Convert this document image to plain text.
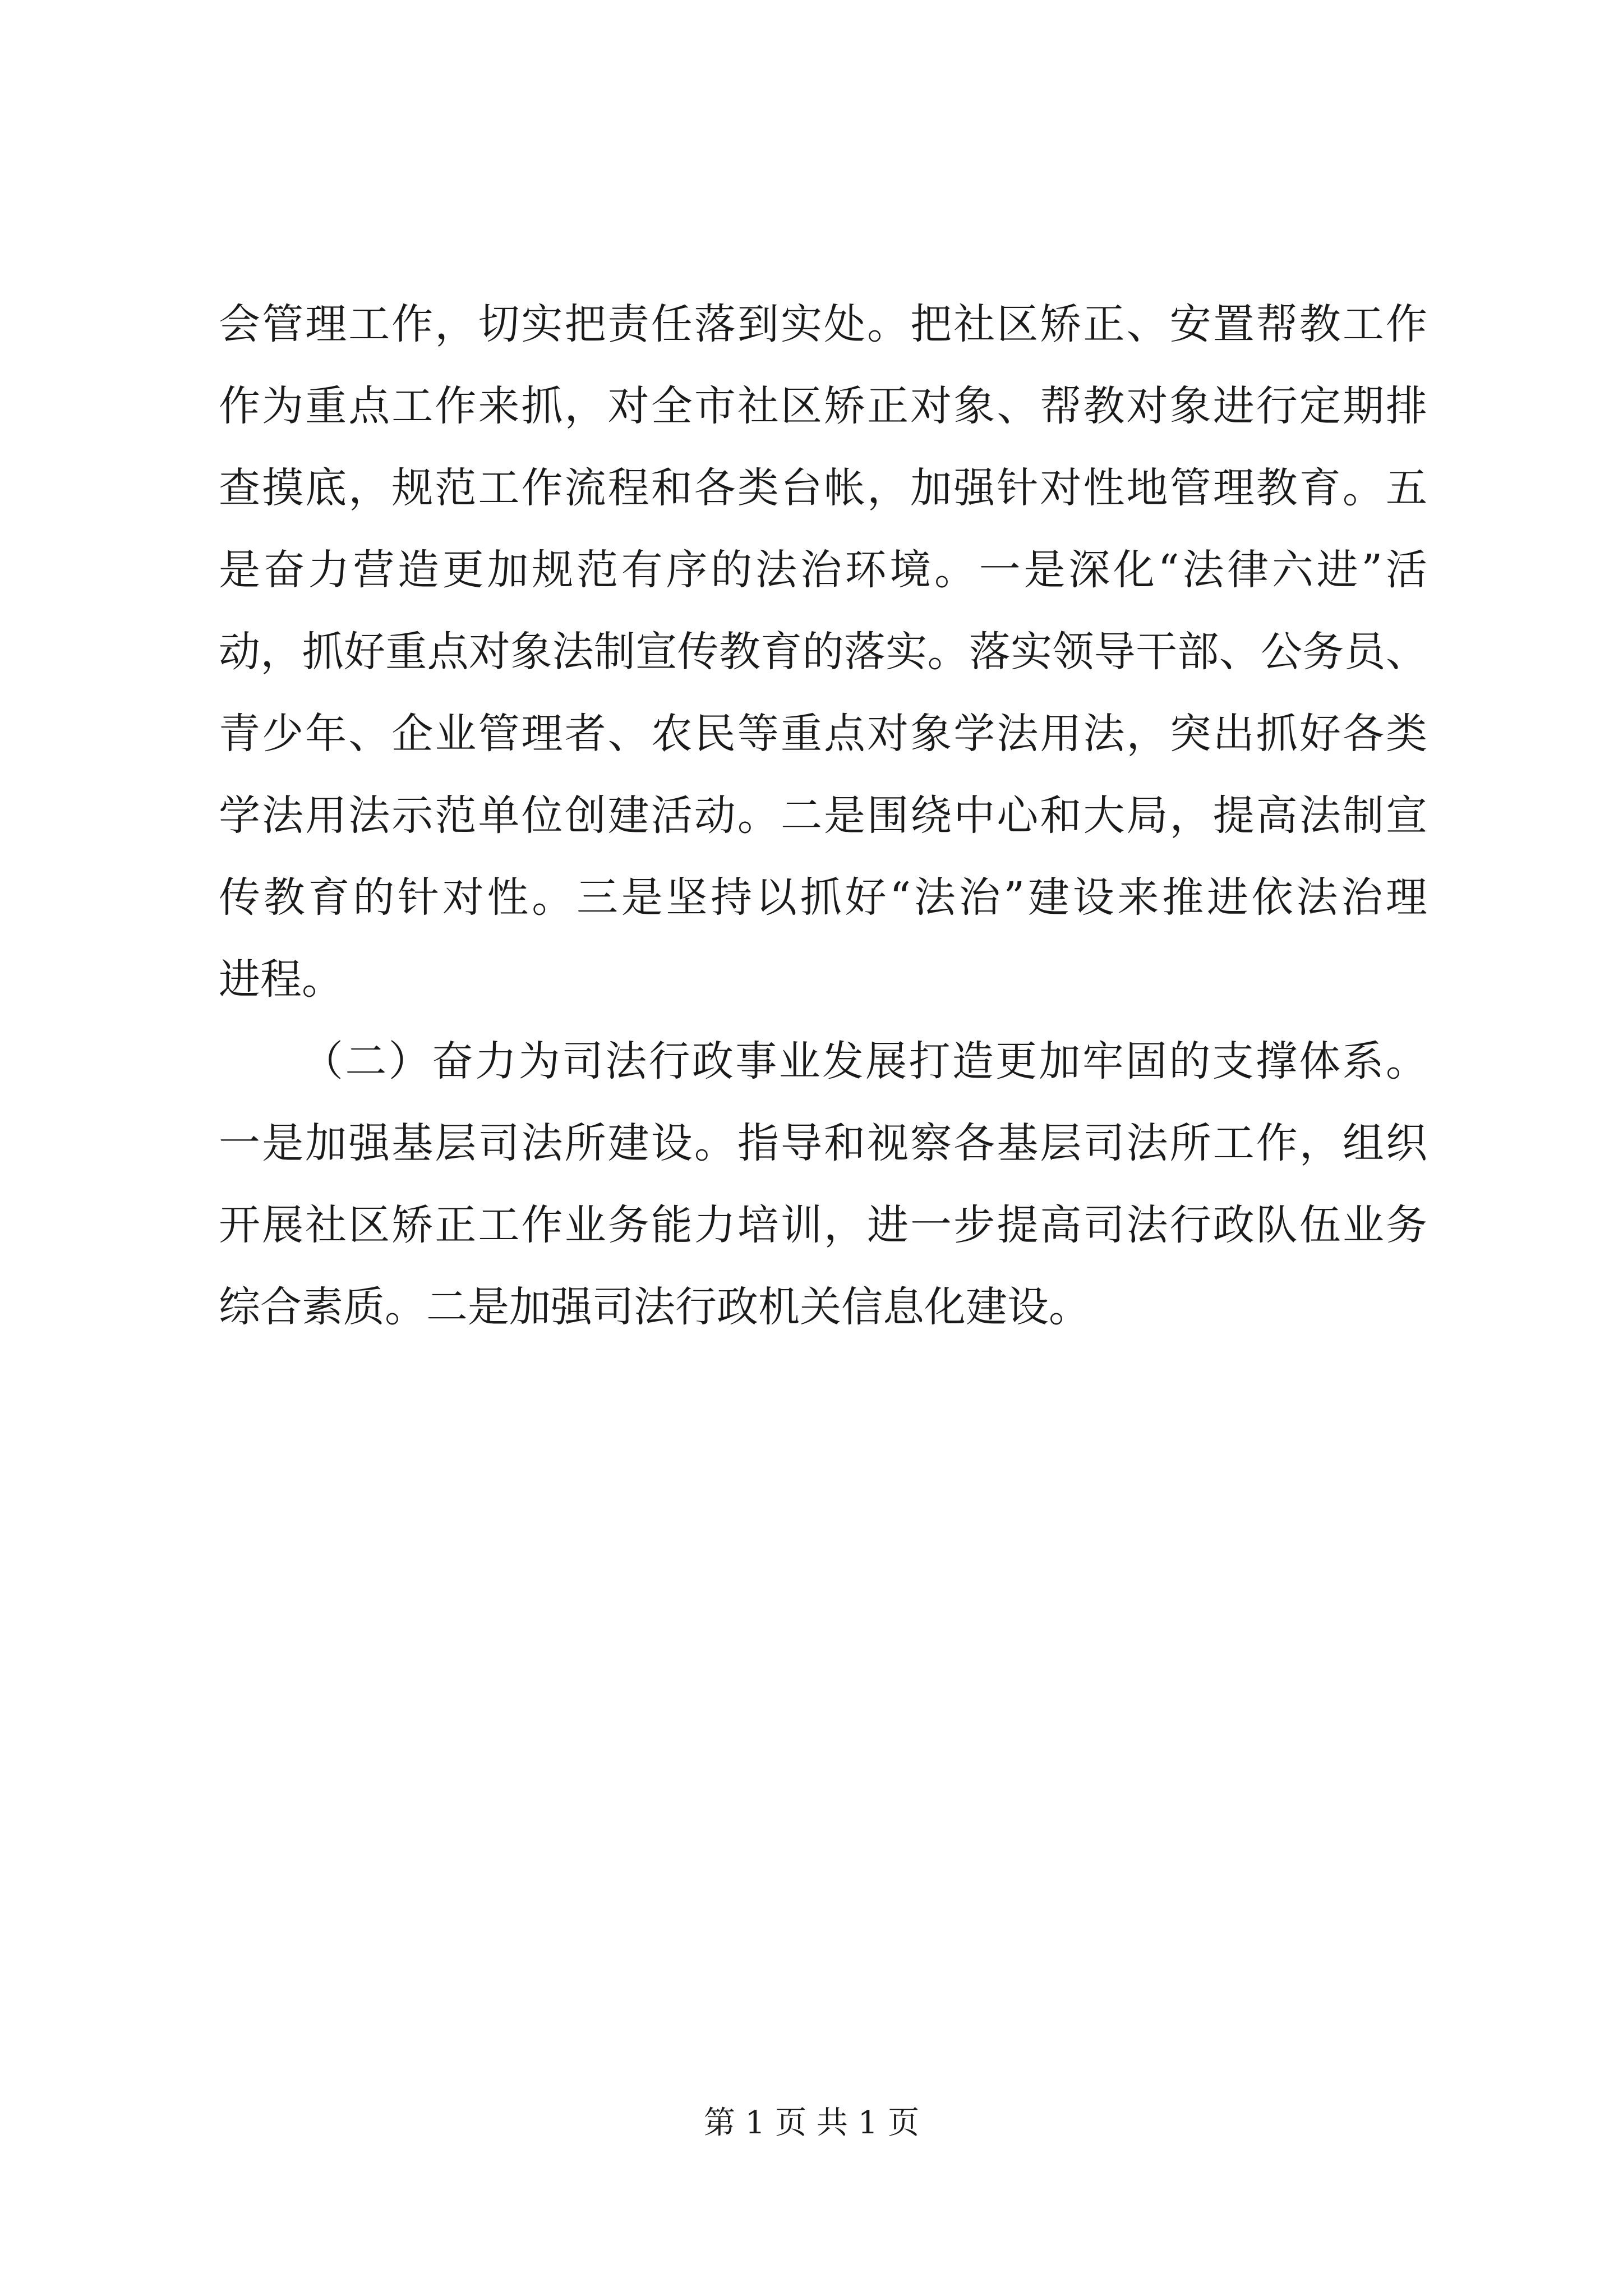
会管理工作，切实把责任落到实处。把社区矫正、安置帮教工作
作为重点工作来抓，对全市社区矫正对象、帮教对象进行定期排
查摸底，规范工作流程和各类台帐，加强针对性地管理教育。五
是奋力营造更加规范有序的法治环境。一是深化“法律六进”活
动，抓好重点对象法制宣传教育的落实。落实领导干部、公务员、
青少年、企业管理者、农民等重点对象学法用法，突出抓好各类
学法用法示范单位创建活动。二是围绕中心和大局，提高法制宣
传教育的针对性。三是坚持以抓好“法治”建设来推进依法治理
进程。
（二）奋力为司法行政事业发展打造更加牢固的支撑体系。
一是加强基层司法所建设。指导和视察各基层司法所工作，组织
开展社区矫正工作业务能力培训，进一步提高司法行政队伍业务
综合素质。二是加强司法行政机关信息化建设。
第 1 页 共 1 页
